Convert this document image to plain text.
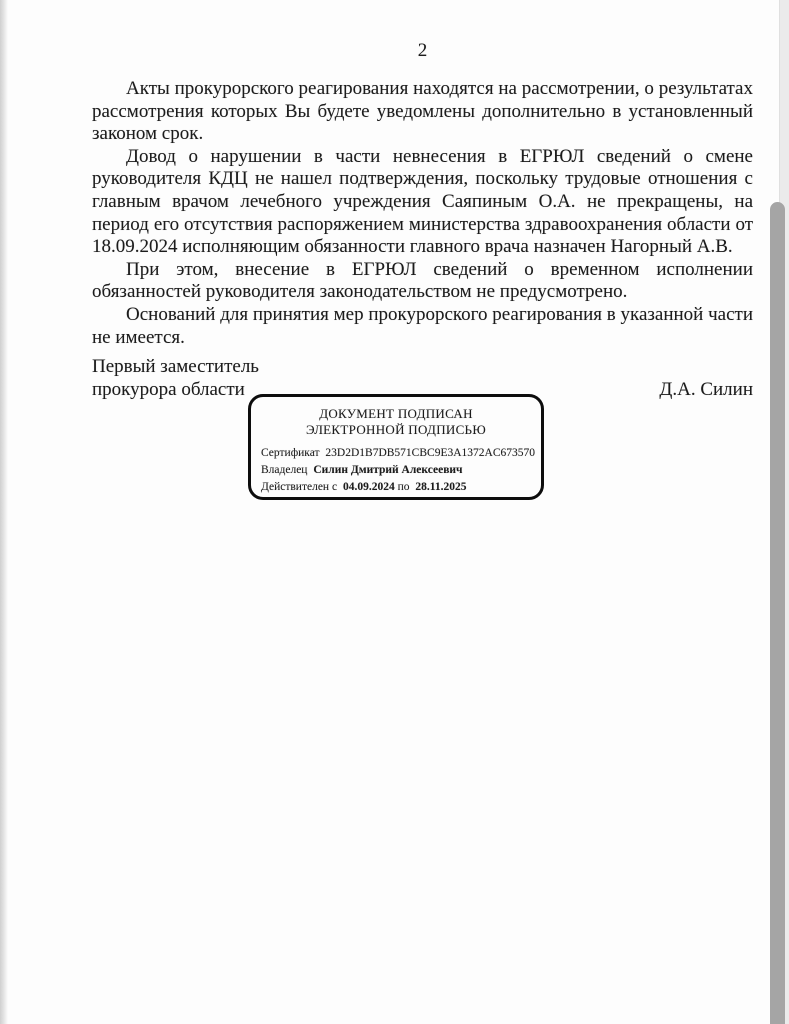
2

Акты прокурорского реагирования находятся на рассмотрении, о результатах рассмотрения которых Вы будете уведомлены дополнительно в установленный законом срок.

Довод о нарушении в части невнесения в ЕГРЮЛ сведений о смене руководителя КДЦ не нашел подтверждения, поскольку трудовые отношения с главным врачом лечебного учреждения Саяпиным О.А. не прекращены, на период его отсутствия распоряжением министерства здравоохранения области от 18.09.2024 исполняющим обязанности главного врача назначен Нагорный А.В.

При этом, внесение в ЕГРЮЛ сведений о временном исполнении обязанностей руководителя законодательством не предусмотрено.

Оснований для принятия мер прокурорского реагирования в указанной части не имеется.

Первый заместитель
прокурора области	Д.А. Силин
ДОКУМЕНТ ПОДПИСАН
ЭЛЕКТРОННОЙ ПОДПИСЬЮ
Сертификат 23D2D1B7DB571CBC9E3A1372AC673570
Владелец Силин Дмитрий Алексеевич
Действителен с 04.09.2024 по 28.11.2025
